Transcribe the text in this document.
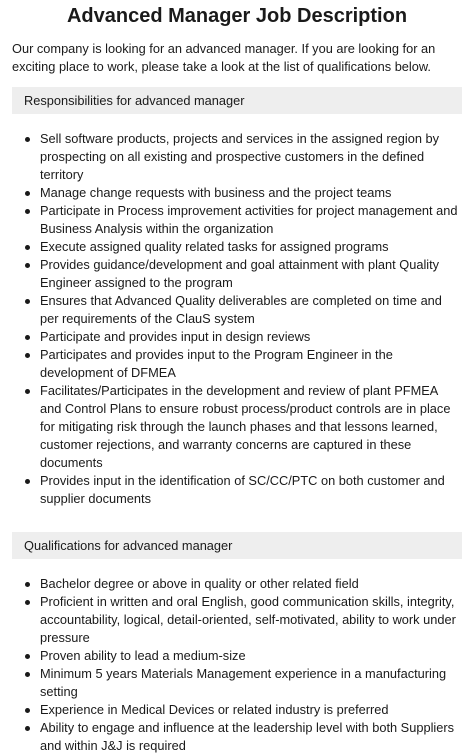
Advanced Manager Job Description

Our company is looking for an advanced manager. If you are looking for an exciting place to work, please take a look at the list of qualifications below.

Responsibilities for advanced manager
Sell software products, projects and services in the assigned region by prospecting on all existing and prospective customers in the defined territory
Manage change requests with business and the project teams
Participate in Process improvement activities for project management and Business Analysis within the organization
Execute assigned quality related tasks for assigned programs
Provides guidance/development and goal attainment with plant Quality Engineer assigned to the program
Ensures that Advanced Quality deliverables are completed on time and per requirements of the ClauS system
Participate and provides input in design reviews
Participates and provides input to the Program Engineer in the development of DFMEA
Facilitates/Participates in the development and review of plant PFMEA and Control Plans to ensure robust process/product controls are in place for mitigating risk through the launch phases and that lessons learned, customer rejections, and warranty concerns are captured in these documents
Provides input in the identification of SC/CC/PTC on both customer and supplier documents
Qualifications for advanced manager
Bachelor degree or above in quality or other related field
Proficient in written and oral English, good communication skills, integrity, accountability, logical, detail-oriented, self-motivated, ability to work under pressure
Proven ability to lead a medium-size
Minimum 5 years Materials Management experience in a manufacturing setting
Experience in Medical Devices or related industry is preferred
Ability to engage and influence at the leadership level with both Suppliers and within J&J is required
